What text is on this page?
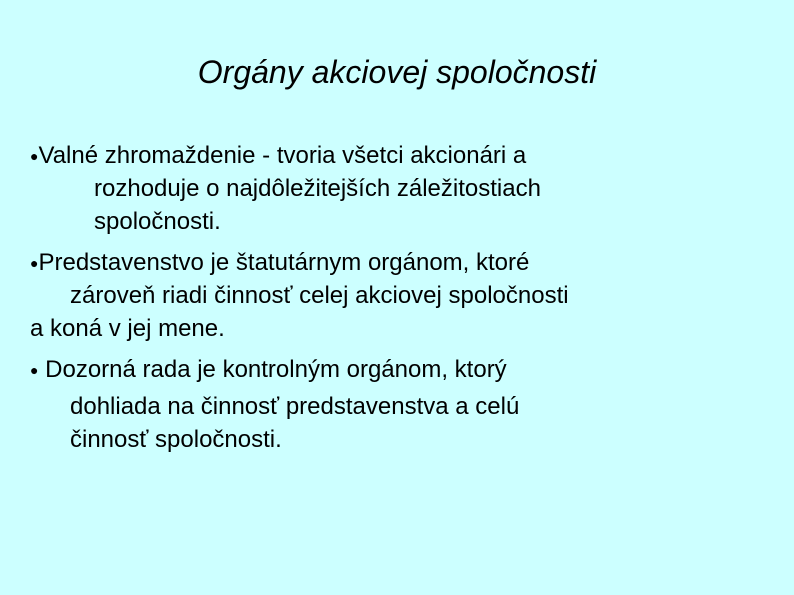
Orgány akciovej spoločnosti
●Valné zhromaždenie - tvoria všetci akcionári a
rozhoduje o najdôležitejších záležitostiach
spoločnosti.
●Predstavenstvo je štatutárnym orgánom, ktoré
zároveň riadi činnosť celej akciovej spoločnosti
a koná v jej mene.
● Dozorná rada je kontrolným orgánom, ktorý
dohliada na činnosť predstavenstva a celú
činnosť spoločnosti.
